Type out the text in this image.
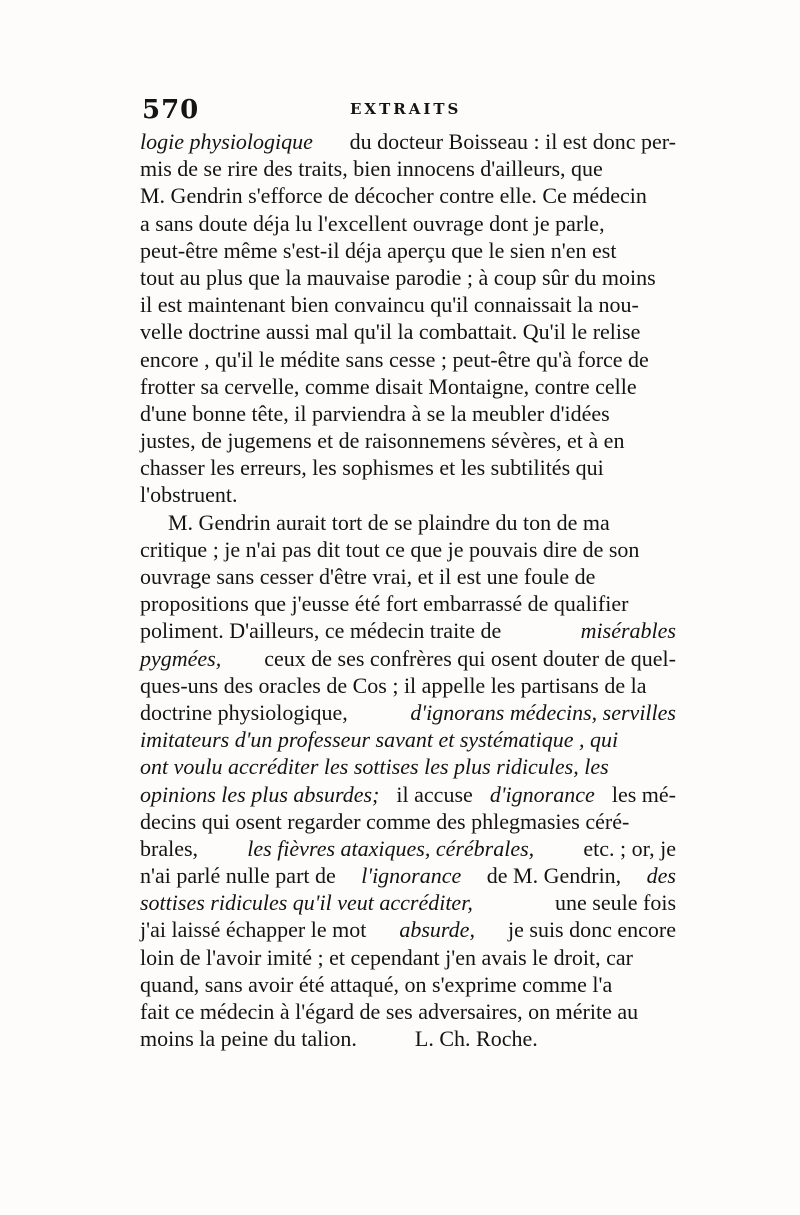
570	EXTRAITS
logie physiologique du docteur Boisseau : il est donc per-
mis de se rire des traits, bien innocens d'ailleurs, que
M. Gendrin s'efforce de décocher contre elle. Ce médecin
a sans doute déja lu l'excellent ouvrage dont je parle,
peut-être même s'est-il déja aperçu que le sien n'en est
tout au plus que la mauvaise parodie ; à coup sûr du moins
il est maintenant bien convaincu qu'il connaissait la nou-
velle doctrine aussi mal qu'il la combattait. Qu'il le relise
encore , qu'il le médite sans cesse ; peut-être qu'à force de
frotter sa cervelle, comme disait Montaigne, contre celle
d'une bonne tête, il parviendra à se la meubler d'idées
justes, de jugemens et de raisonnemens sévères, et à en
chasser les erreurs, les sophismes et les subtilités qui
l'obstruent.
M. Gendrin aurait tort de se plaindre du ton de ma
critique ; je n'ai pas dit tout ce que je pouvais dire de son
ouvrage sans cesser d'être vrai, et il est une foule de
propositions que j'eusse été fort embarrassé de qualifier
poliment. D'ailleurs, ce médecin traite de	misérables
pygmées, ceux de ses confrères qui osent douter de quel-
ques-uns des oracles de Cos ; il appelle les partisans de la
doctrine physiologique,	d'ignorans médecins, servilles
imitateurs d'un professeur savant et systématique , qui
ont voulu accréditer les sottises les plus ridicules, les
opinions les plus absurdes; il accuse d'ignorance les mé-
decins qui osent regarder comme des phlegmasies céré-
brales, les fièvres ataxiques, cérébrales, etc. ; or, je
n'ai parlé nulle part de l'ignorance de M. Gendrin, des
sottises ridicules qu'il veut accréditer,	une seule fois
j'ai laissé échapper le mot absurde, je suis donc encore
loin de l'avoir imité ; et cependant j'en avais le droit, car
quand, sans avoir été attaqué, on s'exprime comme l'a
fait ce médecin à l'égard de ses adversaires, on mérite au
moins la peine du talion.	L. Ch. Roche.
